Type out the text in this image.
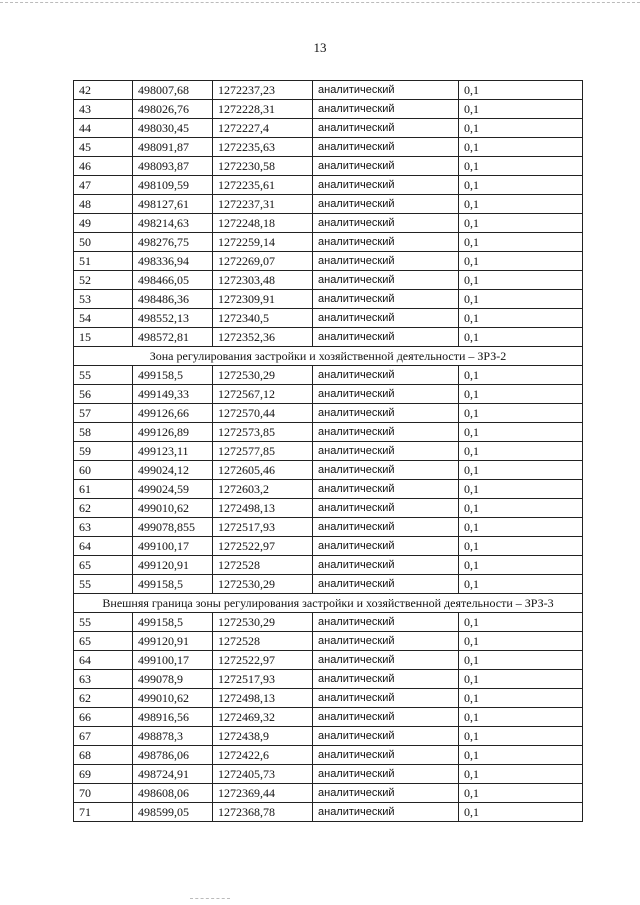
13
42	498007,68	1272237,23	аналитический	0,1
43	498026,76	1272228,31	аналитический	0,1
44	498030,45	1272227,4	аналитический	0,1
45	498091,87	1272235,63	аналитический	0,1
46	498093,87	1272230,58	аналитический	0,1
47	498109,59	1272235,61	аналитический	0,1
48	498127,61	1272237,31	аналитический	0,1
49	498214,63	1272248,18	аналитический	0,1
50	498276,75	1272259,14	аналитический	0,1
51	498336,94	1272269,07	аналитический	0,1
52	498466,05	1272303,48	аналитический	0,1
53	498486,36	1272309,91	аналитический	0,1
54	498552,13	1272340,5	аналитический	0,1
15	498572,81	1272352,36	аналитический	0,1
Зона регулирования застройки и хозяйственной деятельности – ЗРЗ-2				
55	499158,5	1272530,29	аналитический	0,1
56	499149,33	1272567,12	аналитический	0,1
57	499126,66	1272570,44	аналитический	0,1
58	499126,89	1272573,85	аналитический	0,1
59	499123,11	1272577,85	аналитический	0,1
60	499024,12	1272605,46	аналитический	0,1
61	499024,59	1272603,2	аналитический	0,1
62	499010,62	1272498,13	аналитический	0,1
63	499078,855	1272517,93	аналитический	0,1
64	499100,17	1272522,97	аналитический	0,1
65	499120,91	1272528	аналитический	0,1
55	499158,5	1272530,29	аналитический	0,1
Внешняя граница зоны регулирования застройки и хозяйственной деятельности – ЗРЗ-3				
55	499158,5	1272530,29	аналитический	0,1
65	499120,91	1272528	аналитический	0,1
64	499100,17	1272522,97	аналитический	0,1
63	499078,9	1272517,93	аналитический	0,1
62	499010,62	1272498,13	аналитический	0,1
66	498916,56	1272469,32	аналитический	0,1
67	498878,3	1272438,9	аналитический	0,1
68	498786,06	1272422,6	аналитический	0,1
69	498724,91	1272405,73	аналитический	0,1
70	498608,06	1272369,44	аналитический	0,1
71	498599,05	1272368,78	аналитический	0,1
